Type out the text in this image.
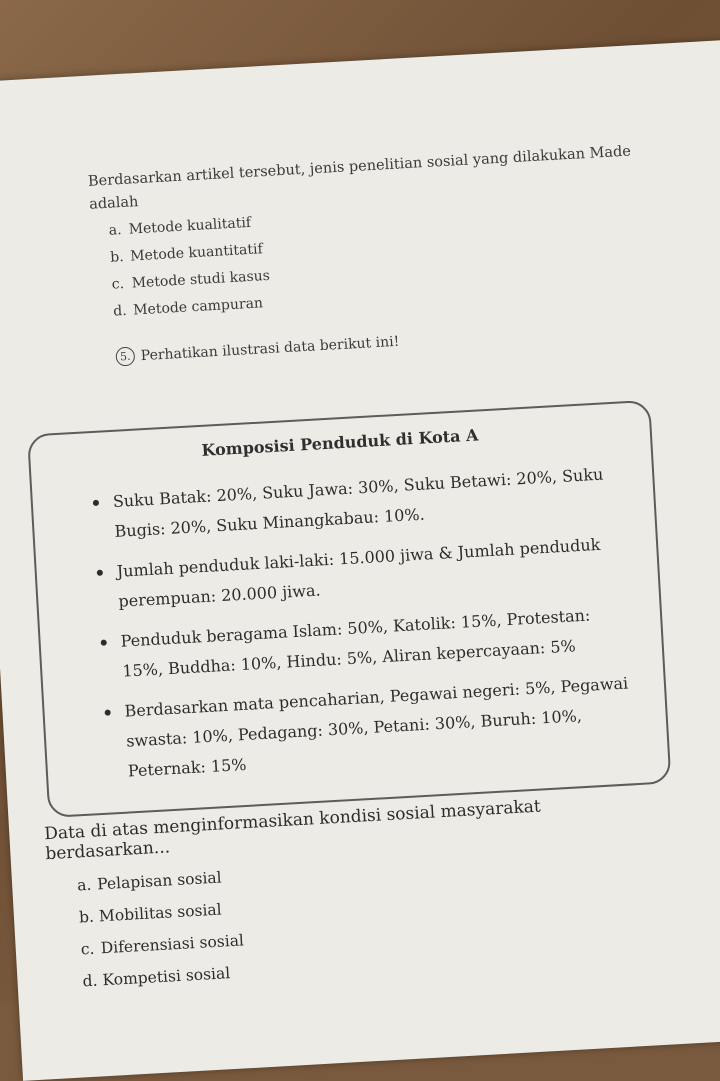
Berdasarkan artikel tersebut, jenis penelitian sosial yang dilakukan Made

adalah

a. Metode kualitatif
b. Metode kuantitatif
c. Metode studi kasus
d. Metode campuran
5. Perhatikan ilustrasi data berikut ini!
Komposisi Penduduk di Kota A
Suku Batak: 20%, Suku Jawa: 30%, Suku Betawi: 20%, Suku Bugis: 20%, Suku Minangkabau: 10%.
Jumlah penduduk laki-laki: 15.000 jiwa & Jumlah penduduk perempuan: 20.000 jiwa.
Penduduk beragama Islam: 50%, Katolik: 15%, Protestan: 15%, Buddha: 10%, Hindu: 5%, Aliran kepercayaan: 5%
Berdasarkan mata pencaharian, Pegawai negeri: 5%, Pegawai swasta: 10%, Pedagang: 30%, Petani: 30%, Buruh: 10%, Peternak: 15%

Data di atas menginformasikan kondisi sosial masyarakat berdasarkan...

a. Pelapisan sosial
b. Mobilitas sosial
c. Diferensiasi sosial
d. Kompetisi sosial
